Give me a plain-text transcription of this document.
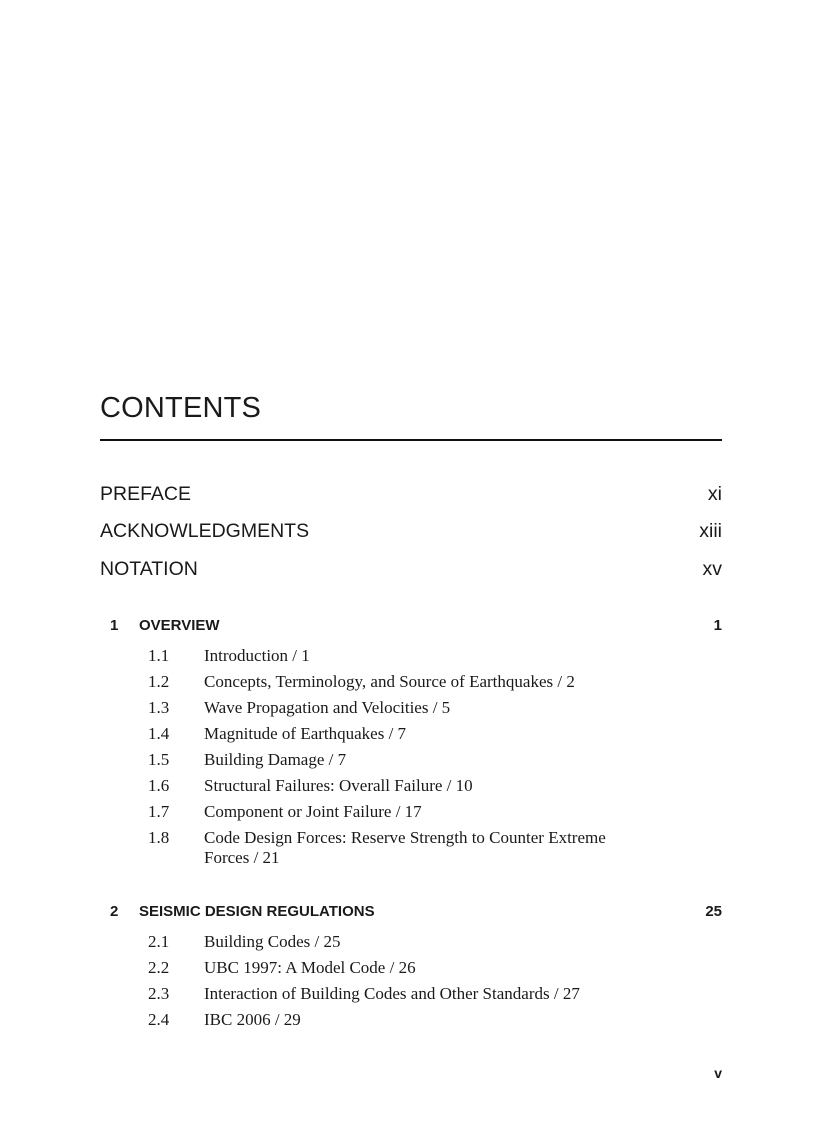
CONTENTS
PREFACE	xi
ACKNOWLEDGMENTS	xiii
NOTATION	xv
1 OVERVIEW	1
1.1 Introduction / 1
1.2 Concepts, Terminology, and Source of Earthquakes / 2
1.3 Wave Propagation and Velocities / 5
1.4 Magnitude of Earthquakes / 7
1.5 Building Damage / 7
1.6 Structural Failures: Overall Failure / 10
1.7 Component or Joint Failure / 17
1.8 Code Design Forces: Reserve Strength to Counter Extreme Forces / 21
2 SEISMIC DESIGN REGULATIONS	25
2.1 Building Codes / 25
2.2 UBC 1997: A Model Code / 26
2.3 Interaction of Building Codes and Other Standards / 27
2.4 IBC 2006 / 29
v
